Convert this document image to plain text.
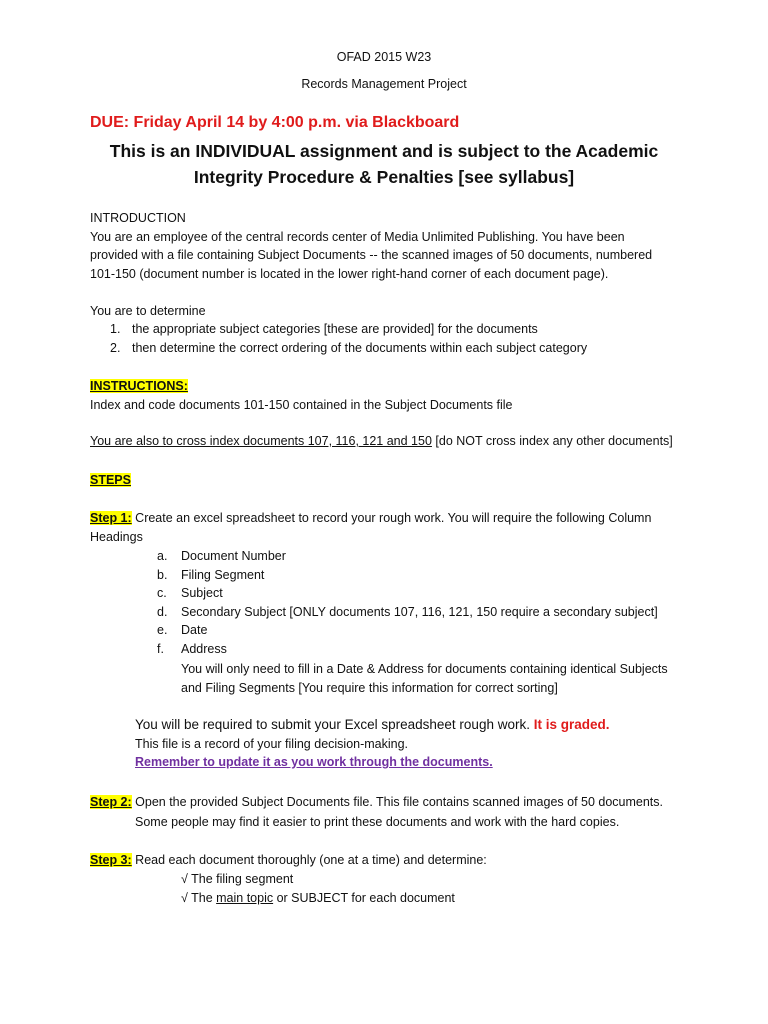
OFAD 2015 W23
Records Management Project
DUE: Friday April 14 by 4:00 p.m. via Blackboard
This is an INDIVIDUAL assignment and is subject to the Academic
Integrity Procedure & Penalties [see syllabus]
INTRODUCTION
You are an employee of the central records center of Media Unlimited Publishing. You have been
provided with a file containing Subject Documents -- the scanned images of 50 documents, numbered
101-150 (document number is located in the lower right-hand corner of each document page).
You are to determine
1. the appropriate subject categories [these are provided] for the documents
2. then determine the correct ordering of the documents within each subject category
INSTRUCTIONS:
Index and code documents 101-150 contained in the Subject Documents file
You are also to cross index documents 107, 116, 121 and 150 [do NOT cross index any other documents]
STEPS
Step 1: Create an excel spreadsheet to record your rough work. You will require the following Column
Headings
a.	Document Number
b.	Filing Segment
c.	Subject
d.	Secondary Subject [ONLY documents 107, 116, 121, 150 require a secondary subject]
e.	Date
f.	Address
You will only need to fill in a Date & Address for documents containing identical Subjects
and Filing Segments [You require this information for correct sorting]
You will be required to submit your Excel spreadsheet rough work. It is graded.
This file is a record of your filing decision-making.
Remember to update it as you work through the documents.
Step 2: Open the provided Subject Documents file. This file contains scanned images of 50 documents.
Some people may find it easier to print these documents and work with the hard copies.
Step 3: Read each document thoroughly (one at a time) and determine:
√ The filing segment
√ The main topic or SUBJECT for each document
